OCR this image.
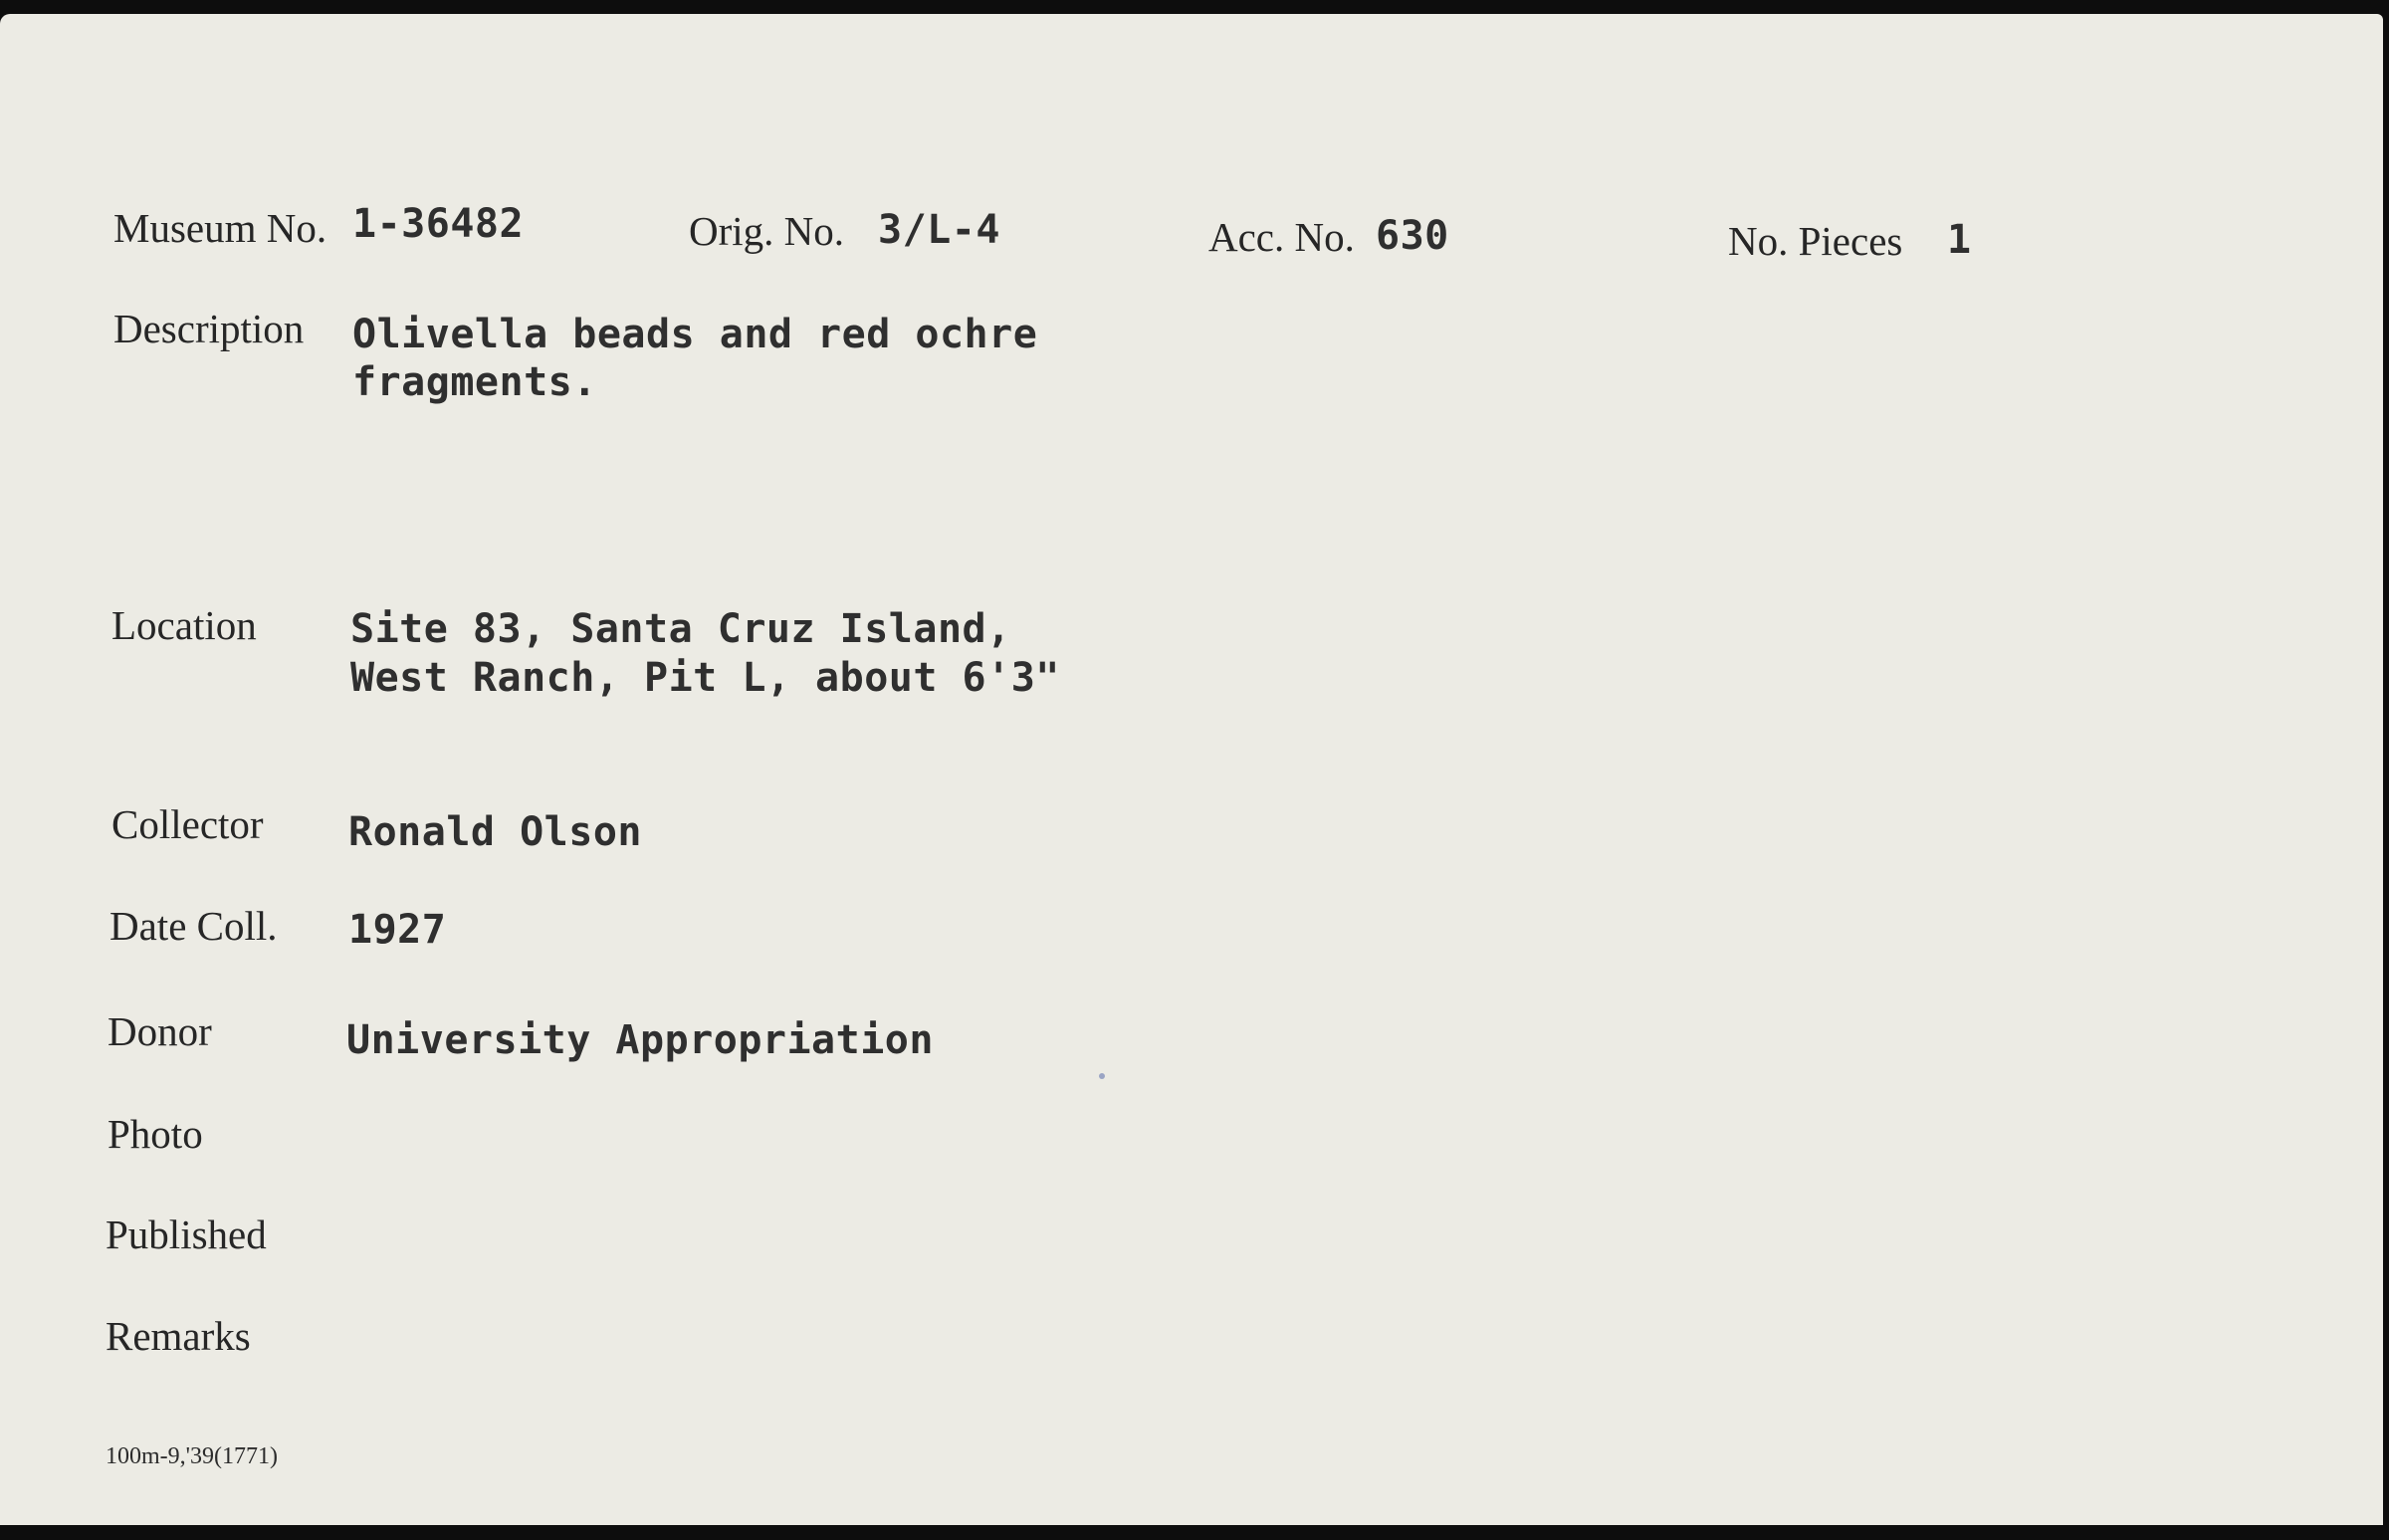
Museum No. 1-36482	Orig. No. 3/L-4	Acc. No. 630	No. Pieces 1
Description Olivella beads and red ochre
fragments.
Location Site 83, Santa Cruz Island,
West Ranch, Pit L, about 6'3"
Collector Ronald Olson
Date Coll. 1927
Donor	University Appropriation
Photo
Published
Remarks
100m-9,'39(1771)
